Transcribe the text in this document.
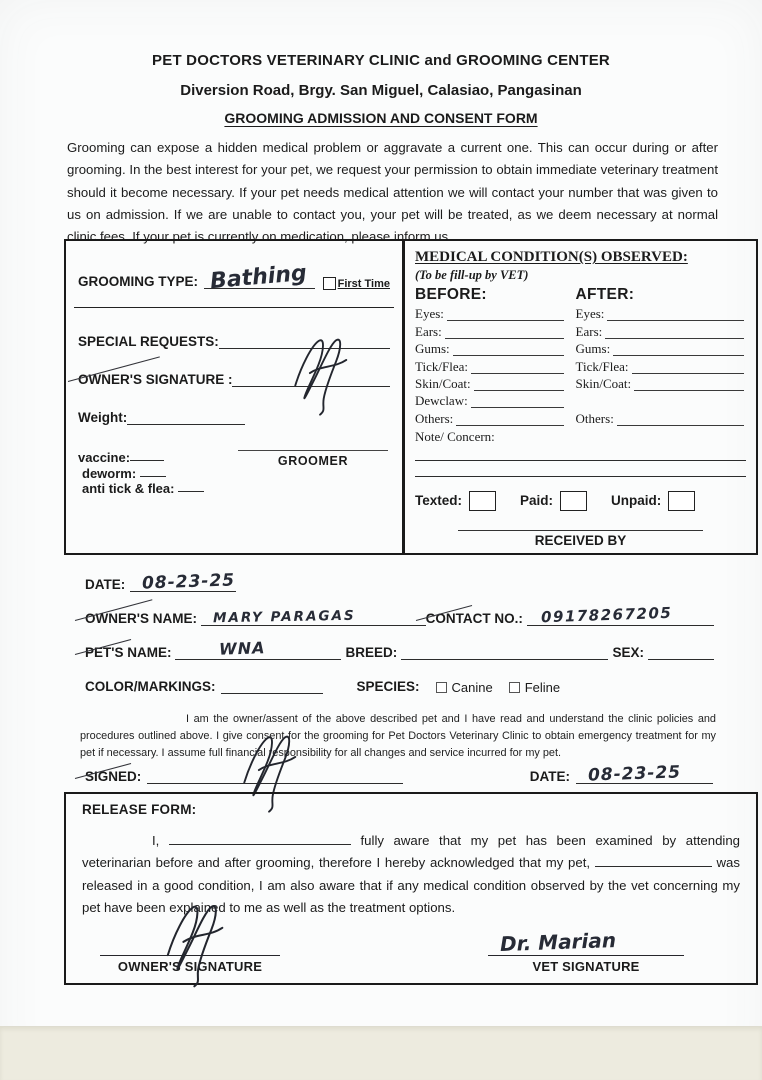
PET DOCTORS VETERINARY CLINIC and GROOMING CENTER
Diversion Road, Brgy. San Miguel, Calasiao, Pangasinan
GROOMING ADMISSION AND CONSENT FORM

Grooming can expose a hidden medical problem or aggravate a current one. This can occur during or after grooming. In the best interest for your pet, we request your permission to obtain immediate veterinary treatment should it become necessary. If your pet needs medical attention we will contact your number that was given to us on admission. If we are unable to contact you, your pet will be treated, as we deem necessary at normal clinic fees. If your pet is currently on medication, please inform us.

GROOMING TYPE: Bathing	First Time
SPECIAL REQUESTS:
OWNER'S SIGNATURE :
Weight:
vaccine:
deworm:
anti tick & flea:
GROOMER
MEDICAL CONDITION(S) OBSERVED:
(To be fill-up by VET)
BEFORE:	AFTER:
Eyes:	Eyes:
Ears:	Ears:
Gums:	Gums:
Tick/Flea:	Tick/Flea:
Skin/Coat:	Skin/Coat:
Dewclaw:
Others:	Others:
Note/ Concern:
Texted:	Paid:	Unpaid:
RECEIVED BY
DATE: 08-23-25
OWNER'S NAME: MARY PARAGAS	CONTACT NO.: 09178267205
PET'S NAME:	WNA	BREED:	SEX:
COLOR/MARKINGS:	SPECIES: Canine Feline

I am the owner/assent of the above described pet and I have read and understand the clinic policies and procedures outlined above. I give consent for the grooming for Pet Doctors Veterinary Clinic to obtain emergency treatment for my pet if necessary. I assume full financial responsibility for all changes and service incurred for my pet.

SIGNED:	DATE: 08-23-25
RELEASE FORM:

I,	fully aware that my pet has been examined by attending veterinarian before and after grooming, therefore I hereby acknowledged that my pet,	was released in a good condition, I am also aware that if any medical condition observed by the vet concerning my pet have been explained to me as well as the treatment options.

OWNER'S SIGNATURE
Dr. Marian
VET SIGNATURE
